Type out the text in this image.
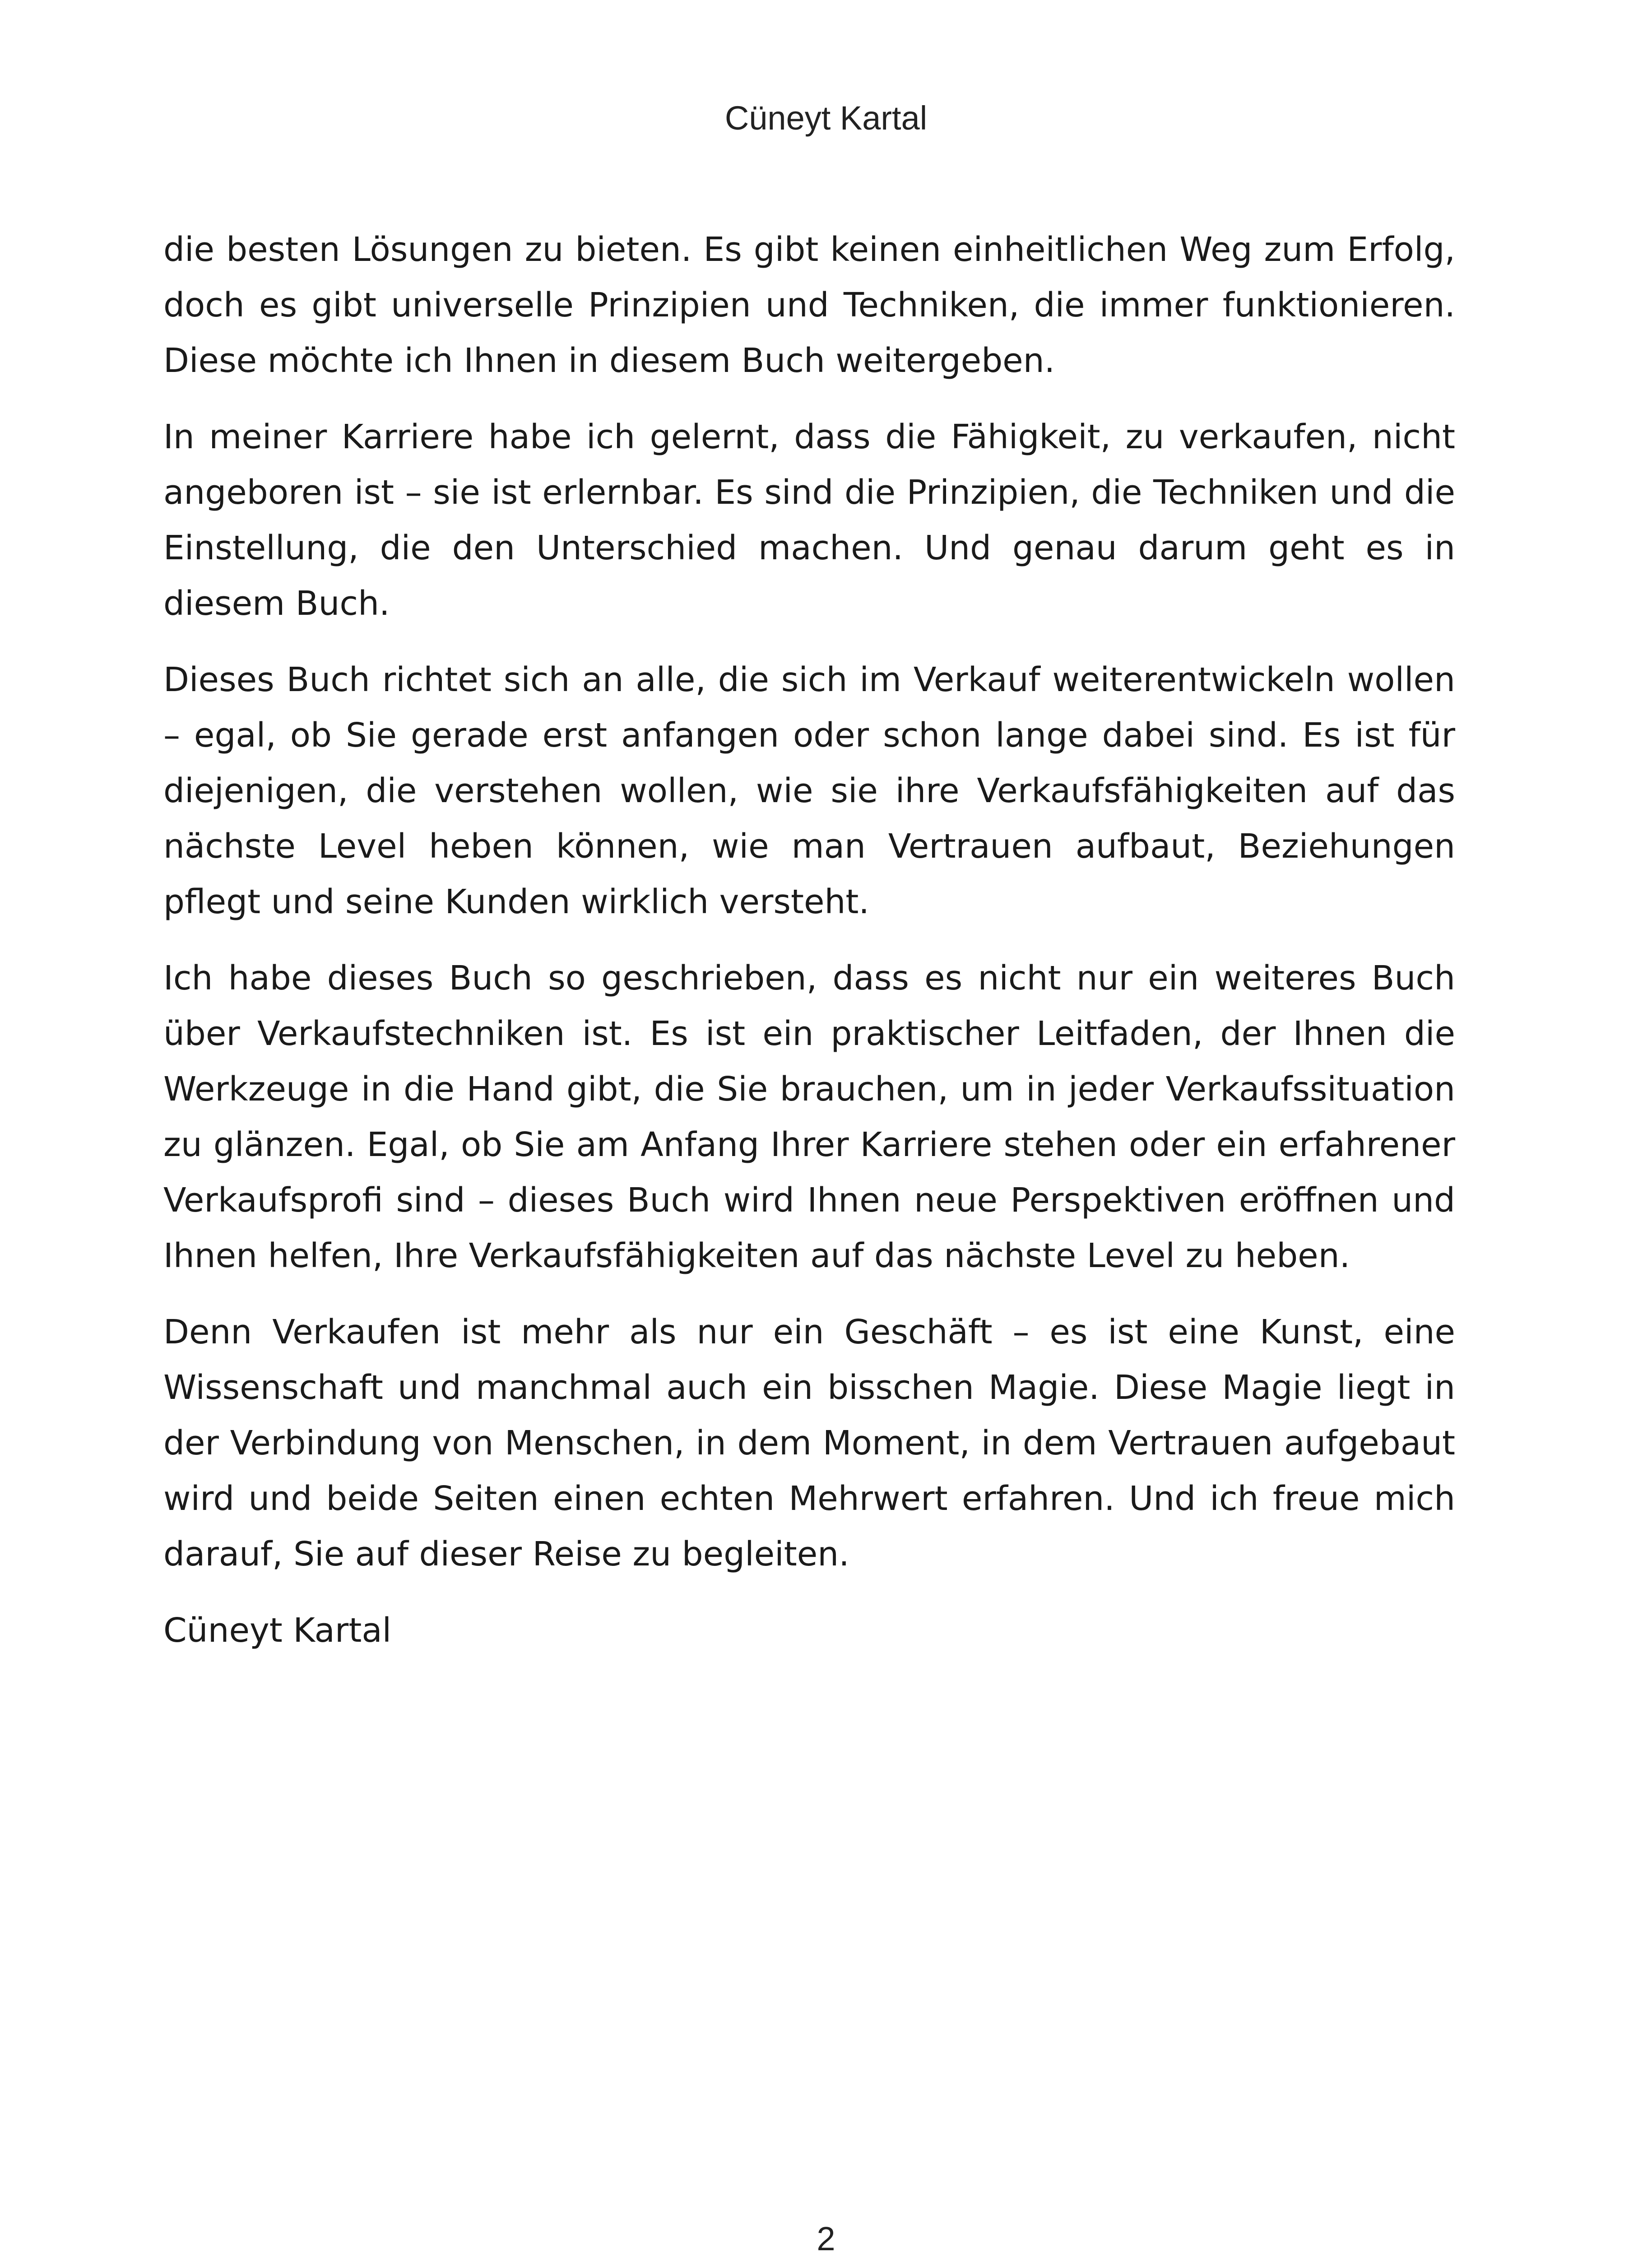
Cüneyt Kartal

die besten Lösungen zu bieten. Es gibt keinen einheitlichen Weg zum Erfolg, doch es gibt universelle Prinzipien und Techniken, die immer funktionieren. Diese möchte ich Ihnen in diesem Buch weitergeben.

In meiner Karriere habe ich gelernt, dass die Fähigkeit, zu verkaufen, nicht angeboren ist – sie ist erlernbar. Es sind die Prinzipien, die Techniken und die Einstellung, die den Unterschied machen. Und genau darum geht es in diesem Buch.

Dieses Buch richtet sich an alle, die sich im Verkauf weiterentwickeln wollen – egal, ob Sie gerade erst anfangen oder schon lange dabei sind. Es ist für diejenigen, die verstehen wollen, wie sie ihre Verkaufsfähigkeiten auf das nächste Level heben können, wie man Vertrauen aufbaut, Beziehungen pflegt und seine Kunden wirklich versteht.

Ich habe dieses Buch so geschrieben, dass es nicht nur ein weiteres Buch über Verkaufstechniken ist. Es ist ein praktischer Leitfaden, der Ihnen die Werkzeuge in die Hand gibt, die Sie brauchen, um in jeder Verkaufssituation zu glänzen. Egal, ob Sie am Anfang Ihrer Karriere stehen oder ein erfahrener Verkaufsprofi sind – dieses Buch wird Ihnen neue Perspektiven eröffnen und Ihnen helfen, Ihre Verkaufsfähigkeiten auf das nächste Level zu heben.

Denn Verkaufen ist mehr als nur ein Geschäft – es ist eine Kunst, eine Wissenschaft und manchmal auch ein bisschen Magie. Diese Magie liegt in der Verbindung von Menschen, in dem Moment, in dem Vertrauen aufgebaut wird und beide Seiten einen echten Mehrwert erfahren. Und ich freue mich darauf, Sie auf dieser Reise zu begleiten.

Cüneyt Kartal

2
